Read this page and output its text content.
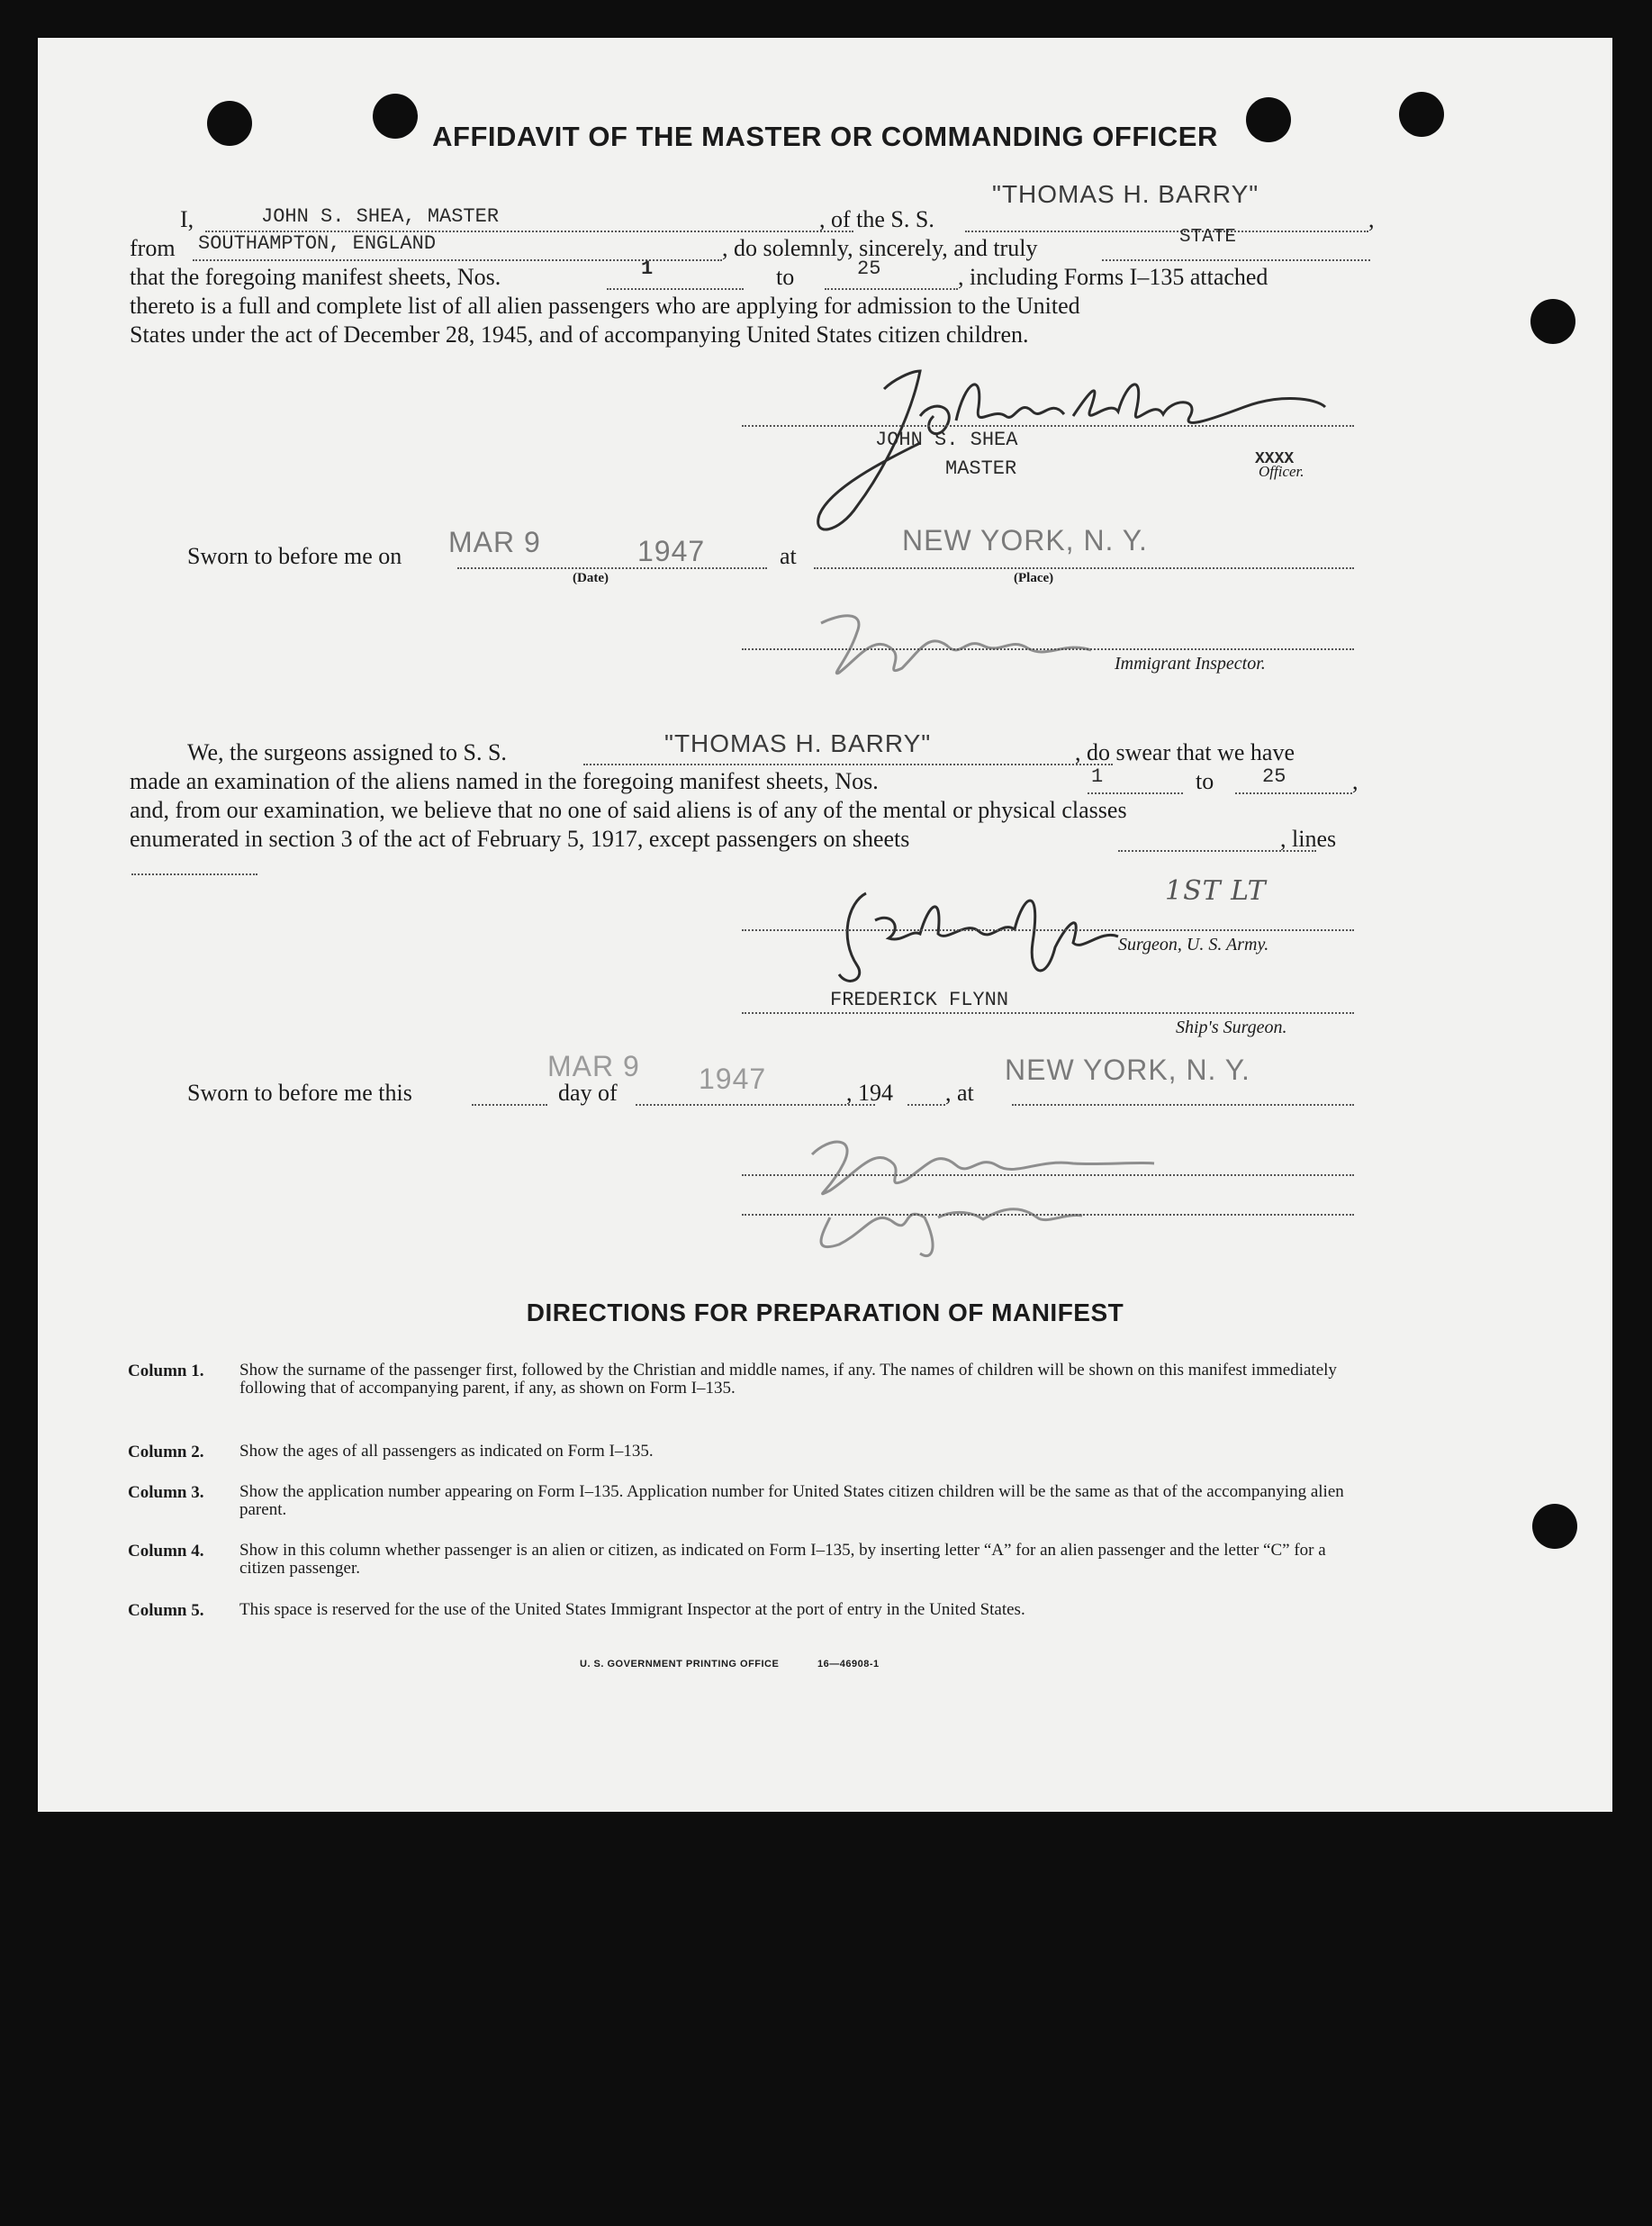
AFFIDAVIT OF THE MASTER OR COMMANDING OFFICER
I,	JOHN S. SHEA, MASTER	, of the S. S.
"THOMAS H. BARRY"
,
from SOUTHAMPTON, ENGLAND	, do solemnly, sincerely, and truly	STATE
that the foregoing manifest sheets, Nos.	1	to	25	, including Forms I–135 attached
thereto is a full and complete list of all alien passengers who are applying for admission to the United
States under the act of December 28, 1945, and of accompanying United States citizen children.
JOHN S. SHEA
MASTER	XXXX
Officer.
Sworn to before me on MAR 9	1947
(Date)
at	NEW YORK, N. Y.
(Place)
Immigrant Inspector.
We, the surgeons assigned to S. S.	"THOMAS H. BARRY"	, do swear that we have
made an examination of the aliens named in the foregoing manifest sheets, Nos.	1	to 25	,
and, from our examination, we believe that no one of said aliens is of any of the mental or physical classes
enumerated in section 3 of the act of February 5, 1917, except passengers on sheets	, lines
1ST LT
Surgeon, U. S. Army.
FREDERICK FLYNN
Ship's Surgeon.
Sworn to before me this	day of
MAR 9 1947	, 194 , at
NEW YORK, N. Y.
DIRECTIONS FOR PREPARATION OF MANIFEST
Column 1. Show the surname of the passenger first, followed by the Christian and middle names, if any. The names of children will be shown on this manifest immediately following that of accompanying parent, if any, as shown on Form I–135.
Column 2. Show the ages of all passengers as indicated on Form I–135.
Column 3. Show the application number appearing on Form I–135. Application number for United States citizen children will be the same as that of the accompanying alien parent.
Column 4. Show in this column whether passenger is an alien or citizen, as indicated on Form I–135, by inserting letter “A” for an alien passenger and the letter “C” for a citizen passenger.
Column 5. This space is reserved for the use of the United States Immigrant Inspector at the port of entry in the United States.
U. S. GOVERNMENT PRINTING OFFICE	16—46908-1
